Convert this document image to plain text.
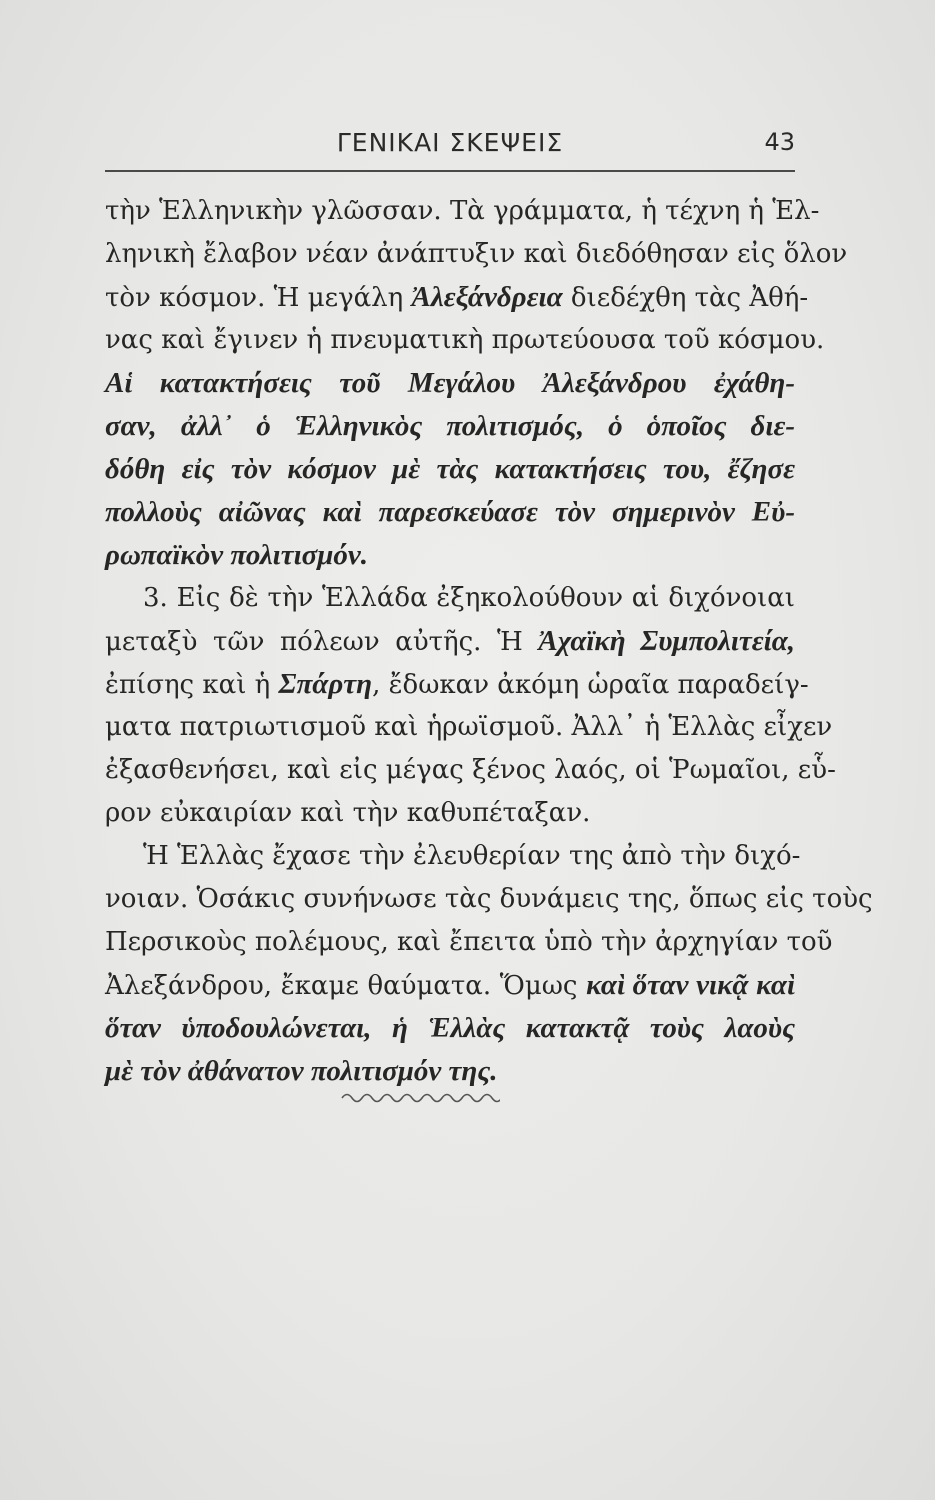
ΓΕΝΙΚΑΙ ΣΚΕΨΕΙΣ	43
τὴν Ἑλληνικὴν γλῶσσαν. Τὰ γράμματα, ἡ τέχνη ἡ Ἑλ-
ληνικὴ ἔλαβον νέαν ἀνάπτυξιν καὶ διεδόθησαν εἰς ὅλον
τὸν κόσμον. Ἡ μεγάλη Ἀλεξάνδρεια διεδέχθη τὰς Ἀθή-
νας καὶ ἔγινεν ἡ πνευματικὴ πρωτεύουσα τοῦ κόσμου.
Αἱ κατακτήσεις τοῦ Μεγάλου Ἀλεξάνδρου ἐχάθη-
σαν, ἀλλ᾽ ὁ Ἑλληνικὸς πολιτισμός, ὁ ὁποῖος διε-
δόθη εἰς τὸν κόσμον μὲ τὰς κατακτήσεις του, ἔζησε
πολλοὺς αἰῶνας καὶ παρεσκεύασε τὸν σημερινὸν Εὐ-
ρωπαϊκὸν πολιτισμόν.
3. Εἰς δὲ τὴν Ἑλλάδα ἐξηκολούθουν αἱ διχόνοιαι
μεταξὺ τῶν πόλεων αὐτῆς. Ἡ Ἀχαϊκὴ Συμπολιτεία,
ἐπίσης καὶ ἡ Σπάρτη, ἔδωκαν ἀκόμη ὡραῖα παραδείγ-
ματα πατριωτισμοῦ καὶ ἡρωϊσμοῦ. Ἀλλ᾽ ἡ Ἑλλὰς εἶχεν
ἐξασθενήσει, καὶ εἰς μέγας ξένος λαός, οἱ Ῥωμαῖοι, εὗ-
ρον εὐκαιρίαν καὶ τὴν καθυπέταξαν.
Ἡ Ἑλλὰς ἔχασε τὴν ἐλευθερίαν της ἀπὸ τὴν διχό-
νοιαν. Ὁσάκις συνήνωσε τὰς δυνάμεις της, ὅπως εἰς τοὺς
Περσικοὺς πολέμους, καὶ ἔπειτα ὑπὸ τὴν ἀρχηγίαν τοῦ
Ἀλεξάνδρου, ἔκαμε θαύματα. Ὅμως καὶ ὅταν νικᾷ καὶ
ὅταν ὑποδουλώνεται, ἡ Ἑλλὰς κατακτᾷ τοὺς λαοὺς
μὲ τὸν ἀθάνατον πολιτισμόν της.
